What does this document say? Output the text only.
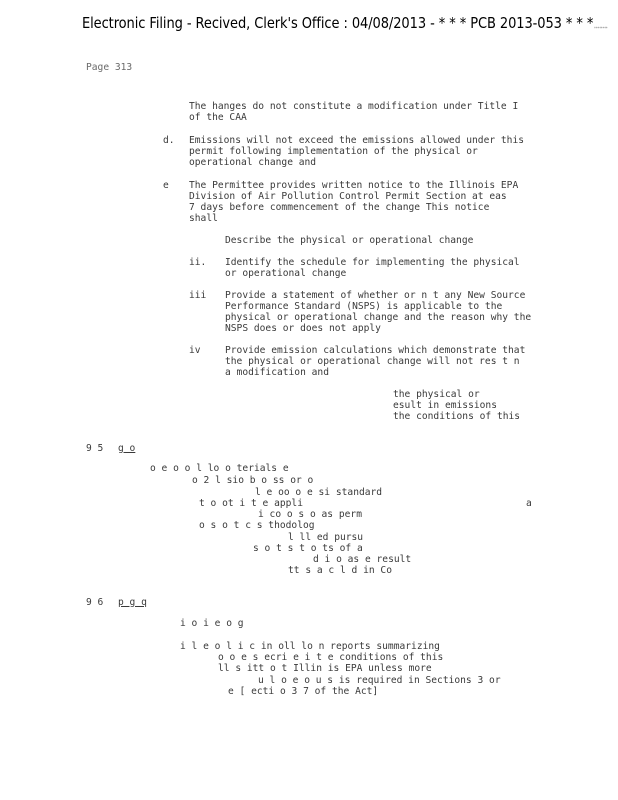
Electronic Filing - Recived, Clerk's Office : 04/08/2013 - * * * PCB 2013-053 * * *********
Page 313
The hanges do not constitute a modification under Title I
of the CAA
d. Emissions will not exceed the emissions allowed under this
permit following implementation of the physical or
operational change and
e The Permittee provides written notice to the Illinois EPA
Division of Air Pollution Control Permit Section at eas
7 days before commencement of the change This notice
shall
Describe the physical or operational change
ii. Identify the schedule for implementing the physical
or operational change
iii Provide a statement of whether or n t any New Source
Performance Standard (NSPS) is applicable to the
physical or operational change and the reason why the
NSPS does or does not apply
iv	Provide emission calculations which demonstrate that
the physical or operational change will not res t n
a modification and
the physical or
esult in emissions
the conditions of this
9 5 g o
o e o o l lo o terials e
o 2 l sio b o ss or o
l e oo o e si standard
t o ot i t e appli	a
i co o s o as perm
o s o t c s thodolog
l ll ed pursu
s o t s t o ts of a
d i o as e result
tt s a c l d in Co
9 6 p g q
i o i e o g
i l e o l i c in oll lo n reports summarizing
o o e s ecri e i t e conditions of this
ll s itt o t Illin is EPA unless more
u l o e o u s is required in Sections 3 or
e [ ecti o 3 7 of the Act]
